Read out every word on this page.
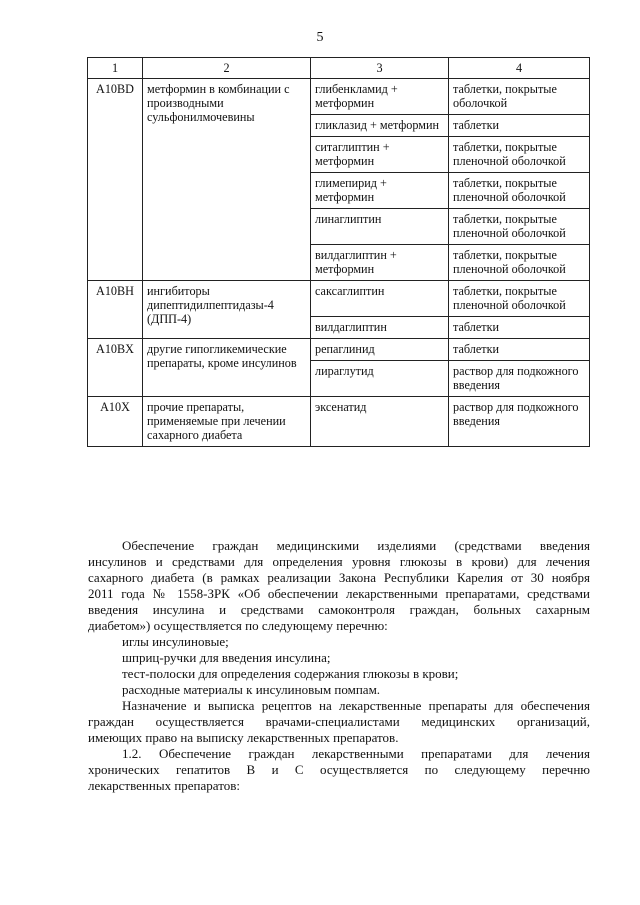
5
1	2	3	4
A10BD	метформин в комбинации с производными сульфонилмочевины	глибенкламид + метформин	таблетки, покрытые оболочкой
		гликлазид + метформин	таблетки
		ситаглиптин + метформин	таблетки, покрытые пленочной оболочкой
		глимепирид + метформин	таблетки, покрытые пленочной оболочкой
		линаглиптин	таблетки, покрытые пленочной оболочкой
		вилдаглиптин + метформин	таблетки, покрытые пленочной оболочкой
A10BH	ингибиторы дипептидилпептидазы-4 (ДПП-4)	саксаглиптин	таблетки, покрытые пленочной оболочкой
		вилдаглиптин	таблетки
A10BX	другие гипогликемические препараты, кроме инсулинов	репаглинид	таблетки
		лираглутид	раствор для подкожного введения
A10X	прочие препараты, применяемые при лечении сахарного диабета	эксенатид	раствор для подкожного введения

Обеспечение граждан медицинскими изделиями (средствами введения

инсулинов и средствами для определения уровня глюкозы в крови) для лечения

сахарного диабета (в рамках реализации Закона Республики Карелия от 30 ноября

2011 года № 1558-ЗРК «Об обеспечении лекарственными препаратами, средствами

введения инсулина и средствами самоконтроля граждан, больных сахарным

диабетом») осуществляется по следующему перечню:

иглы инсулиновые;

шприц-ручки для введения инсулина;

тест-полоски для определения содержания глюкозы в крови;

расходные материалы к инсулиновым помпам.

Назначение и выписка рецептов на лекарственные препараты для обеспечения

граждан осуществляется врачами-специалистами медицинских организаций,

имеющих право на выписку лекарственных препаратов.

1.2. Обеспечение граждан лекарственными препаратами для лечения

хронических гепатитов В и С осуществляется по следующему перечню

лекарственных препаратов:
